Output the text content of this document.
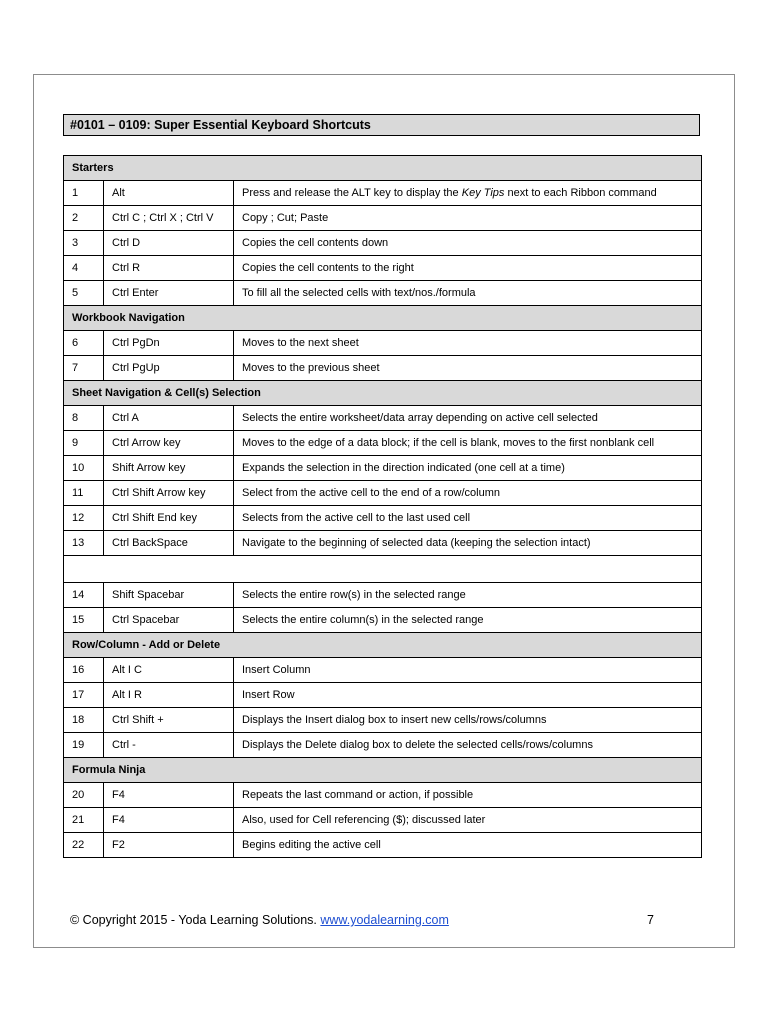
#0101 – 0109: Super Essential Keyboard Shortcuts
Starters		
1	Alt	Press and release the ALT key to display the Key Tips next to each Ribbon command
2	Ctrl C ; Ctrl X ; Ctrl V	Copy ; Cut; Paste
3	Ctrl D	Copies the cell contents down
4	Ctrl R	Copies the cell contents to the right
5	Ctrl Enter	To fill all the selected cells with text/nos./formula
Workbook Navigation		
6	Ctrl PgDn	Moves to the next sheet
7	Ctrl PgUp	Moves to the previous sheet
Sheet Navigation & Cell(s) Selection		
8	Ctrl A	Selects the entire worksheet/data array depending on active cell selected
9	Ctrl Arrow key	Moves to the edge of a data block; if the cell is blank, moves to the first nonblank cell
10	Shift Arrow key	Expands the selection in the direction indicated (one cell at a time)
11	Ctrl Shift Arrow key	Select from the active cell to the end of a row/column
12	Ctrl Shift End key	Selects from the active cell to the last used cell
13	Ctrl BackSpace	Navigate to the beginning of selected data (keeping the selection intact)

14	Shift Spacebar	Selects the entire row(s) in the selected range
15	Ctrl Spacebar	Selects the entire column(s) in the selected range
Row/Column - Add or Delete		
16	Alt I C	Insert Column
17	Alt I R	Insert Row
18	Ctrl Shift +	Displays the Insert dialog box to insert new cells/rows/columns
19	Ctrl -	Displays the Delete dialog box to delete the selected cells/rows/columns
Formula Ninja		
20	F4	Repeats the last command or action, if possible
21	F4	Also, used for Cell referencing ($); discussed later
22	F2	Begins editing the active cell
© Copyright 2015 - Yoda Learning Solutions. www.yodalearning.com	7
